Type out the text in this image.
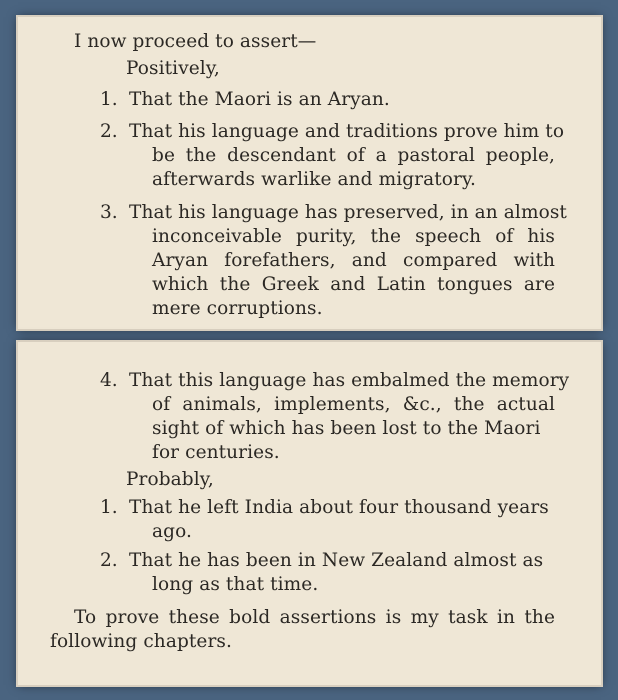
I now proceed to assert—
Positively,
1. That the Maori is an Aryan.
2. That his language and traditions prove him to
be the descendant of a pastoral people,
afterwards warlike and migratory.
3. That his language has preserved, in an almost
inconceivable purity, the speech of his
Aryan forefathers, and compared with
which the Greek and Latin tongues are
mere corruptions.
4. That this language has embalmed the memory
of animals, implements, &c., the actual
sight of which has been lost to the Maori
for centuries.
Probably,
1. That he left India about four thousand years
ago.
2. That he has been in New Zealand almost as
long as that time.
To prove these bold assertions is my task in the
following chapters.
